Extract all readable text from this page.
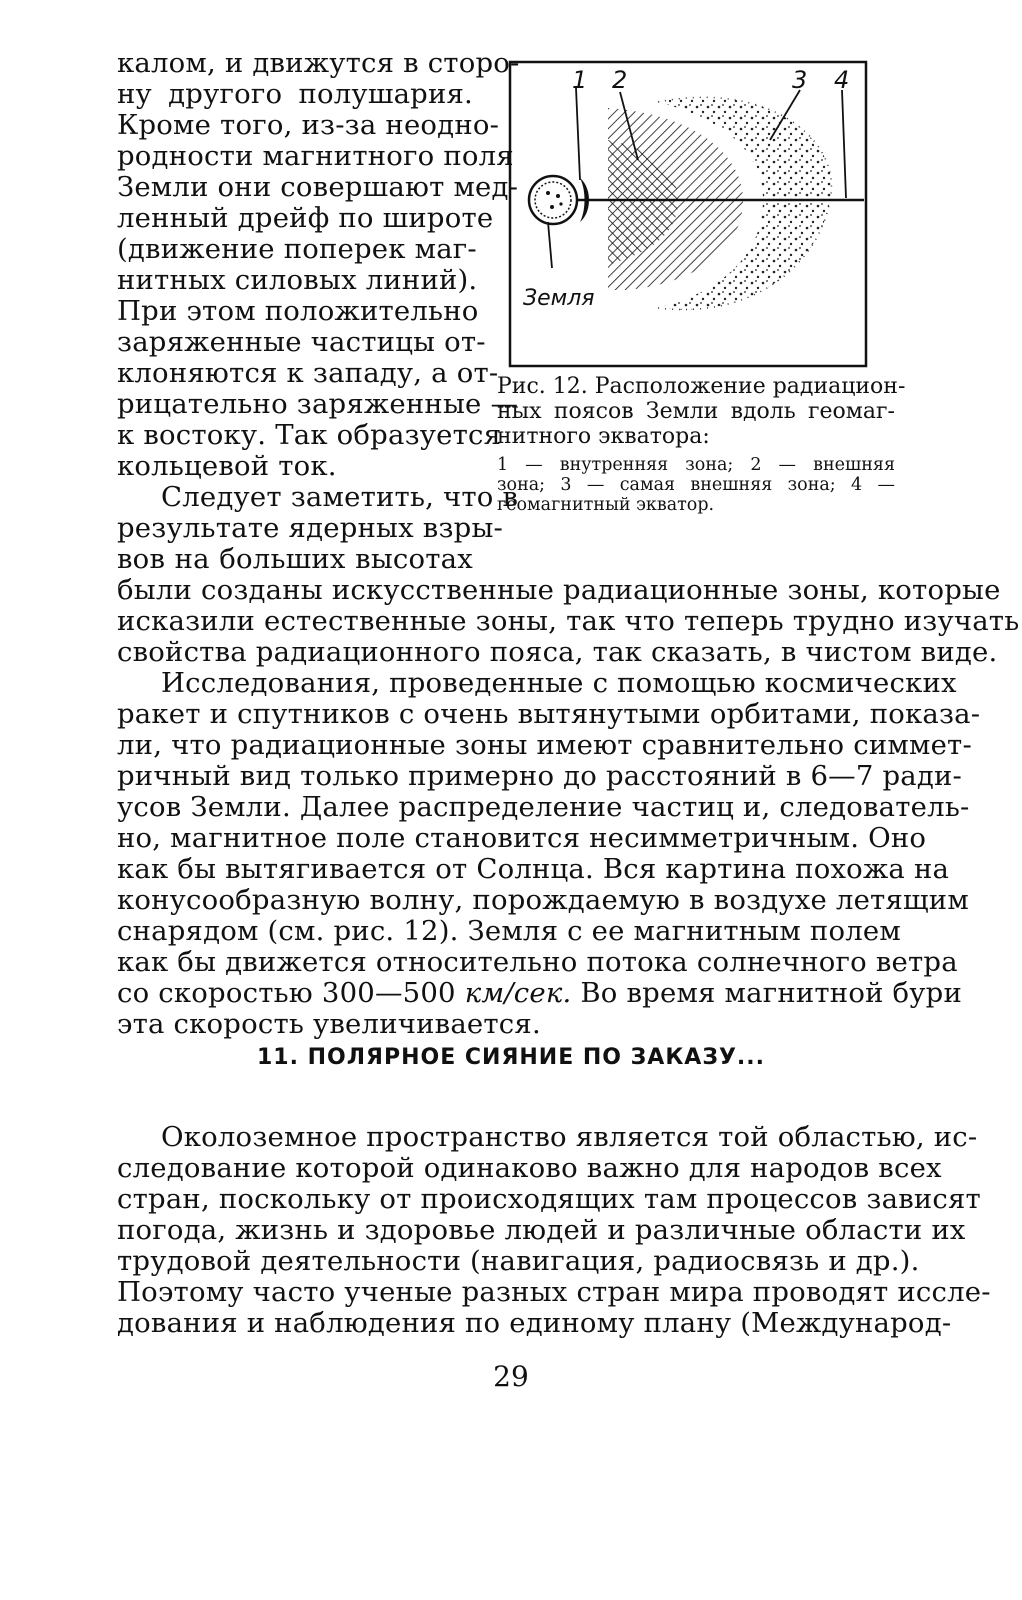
калом, и движутся в сторо-

ну другого полушария.

Кроме того, из-за неодно-

родности магнитного поля

Земли они совершают мед-

ленный дрейф по широте

(движение поперек маг-

нитных силовых линий).

При этом положительно

заряженные частицы от-

клоняются к западу, а от-

рицательно заряженные —

к востоку. Так образуется

кольцевой ток.

Следует заметить, что в

результате ядерных взры-

вов на больших высотах

1 2	3 4
Земля

Рис. 12. Расположение радиацион-

ных поясов Земли вдоль геомаг-

нитного экватора:

1 — внутренняя зона; 2 — внешняя

зона; 3 — самая внешняя зона; 4 —

геомагнитный экватор.

были созданы искусственные радиационные зоны, которые

исказили естественные зоны, так что теперь трудно изучать

свойства радиационного пояса, так сказать, в чистом виде.

Исследования, проведенные с помощью космических

ракет и спутников с очень вытянутыми орбитами, показа-

ли, что радиационные зоны имеют сравнительно симмет-

ричный вид только примерно до расстояний в 6—7 ради-

усов Земли. Далее распределение частиц и, следователь-

но, магнитное поле становится несимметричным. Оно

как бы вытягивается от Солнца. Вся картина похожа на

конусообразную волну, порождаемую в воздухе летящим

снарядом (см. рис. 12). Земля с ее магнитным полем

как бы движется относительно потока солнечного ветра

со скоростью 300—500 км/сек. Во время магнитной бури

эта скорость увеличивается.

11. ПОЛЯРНОЕ СИЯНИЕ ПО ЗАКАЗУ...

Околоземное пространство является той областью, ис-

следование которой одинаково важно для народов всех

стран, поскольку от происходящих там процессов зависят

погода, жизнь и здоровье людей и различные области их

трудовой деятельности (навигация, радиосвязь и др.).

Поэтому часто ученые разных стран мира проводят иссле-

дования и наблюдения по единому плану (Международ-

29
